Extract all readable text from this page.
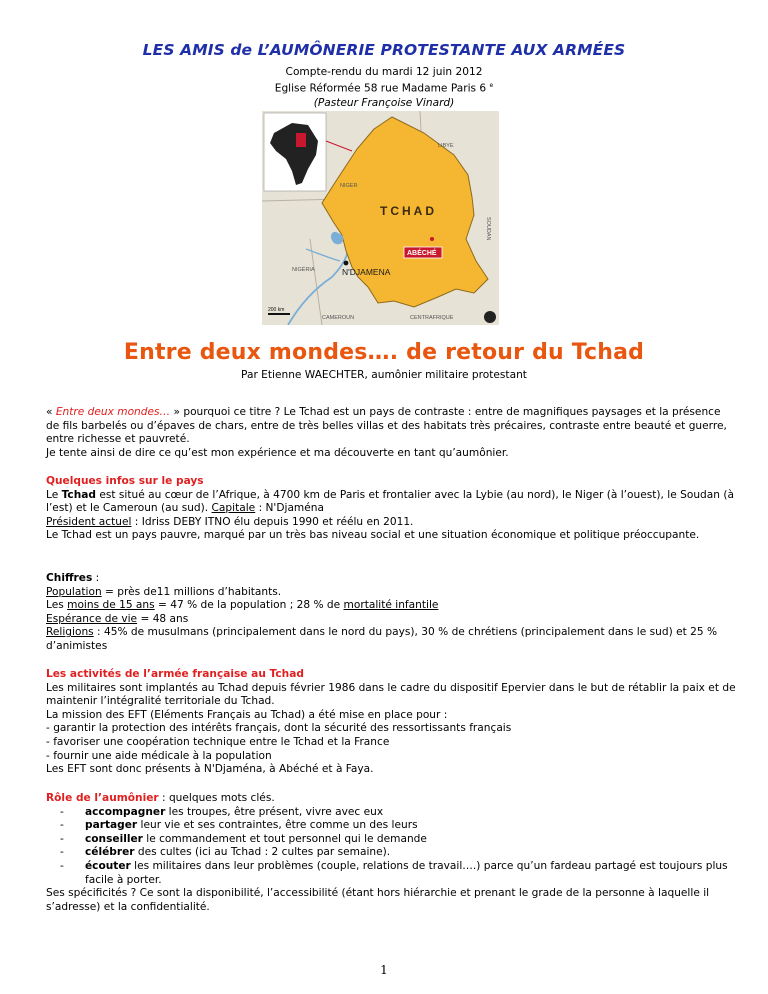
LES AMIS de L’AUMÔNERIE PROTESTANTE AUX ARMÉES
Compte-rendu du mardi 12 juin 2012
Eglise Réformée 58 rue Madame Paris 6 $^e$
(Pasteur Françoise Vinard)
LIBYE
NIGER
SOUDAN
NIGÉRIA
CAMEROUN	CENTRAFRIQUE
TCHAD
N'DJAMENA
ABÉCHÉ
200 km
Entre deux mondes…. de retour du Tchad
Par Etienne WAECHTER, aumônier militaire protestant

« Entre deux mondes… » pourquoi ce titre ? Le Tchad est un pays de contraste : entre de magnifiques paysages et la présence de fils barbelés ou d’épaves de chars, entre de très belles villas et des habitats très précaires, contraste entre beauté et guerre, entre richesse et pauvreté.

Je tente ainsi de dire ce qu’est mon expérience et ma découverte en tant qu’aumônier.

Quelques infos sur le pays

Le Tchad est situé au cœur de l’Afrique, à 4700 km de Paris et frontalier avec la Lybie (au nord), le Niger (à l’ouest), le Soudan (à l’est) et le Cameroun (au sud). Capitale : N'Djaména

Président actuel : Idriss DEBY ITNO élu depuis 1990 et réélu en 2011.

Le Tchad est un pays pauvre, marqué par un très bas niveau social et une situation économique et politique préoccupante.

Chiffres :

Population = près de11 millions d’habitants.

Les moins de 15 ans = 47 % de la population ; 28 % de mortalité infantile

Espérance de vie = 48 ans

Religions : 45% de musulmans (principalement dans le nord du pays), 30 % de chrétiens (principalement dans le sud) et 25 % d’animistes

Les activités de l’armée française au Tchad

Les militaires sont implantés au Tchad depuis février 1986 dans le cadre du dispositif Epervier dans le but de rétablir la paix et de maintenir l’intégralité territoriale du Tchad.

La mission des EFT (Eléments Français au Tchad) a été mise en place pour :

- garantir la protection des intérêts français, dont la sécurité des ressortissants français

- favoriser une coopération technique entre le Tchad et la France

- fournir une aide médicale à la population

Les EFT sont donc présents à N'Djaména, à Abéché et à Faya.

Rôle de l’aumônier : quelques mots clés.

- accompagner les troupes, être présent, vivre avec eux
- partager leur vie et ses contraintes, être comme un des leurs
- conseiller le commandement et tout personnel qui le demande
- célébrer des cultes (ici au Tchad : 2 cultes par semaine).
- écouter les militaires dans leur problèmes (couple, relations de travail….) parce qu’un fardeau partagé est toujours plus facile à porter.

Ses spécificités ? Ce sont la disponibilité, l’accessibilité (étant hors hiérarchie et prenant le grade de la personne à laquelle il s’adresse) et la confidentialité.

1
